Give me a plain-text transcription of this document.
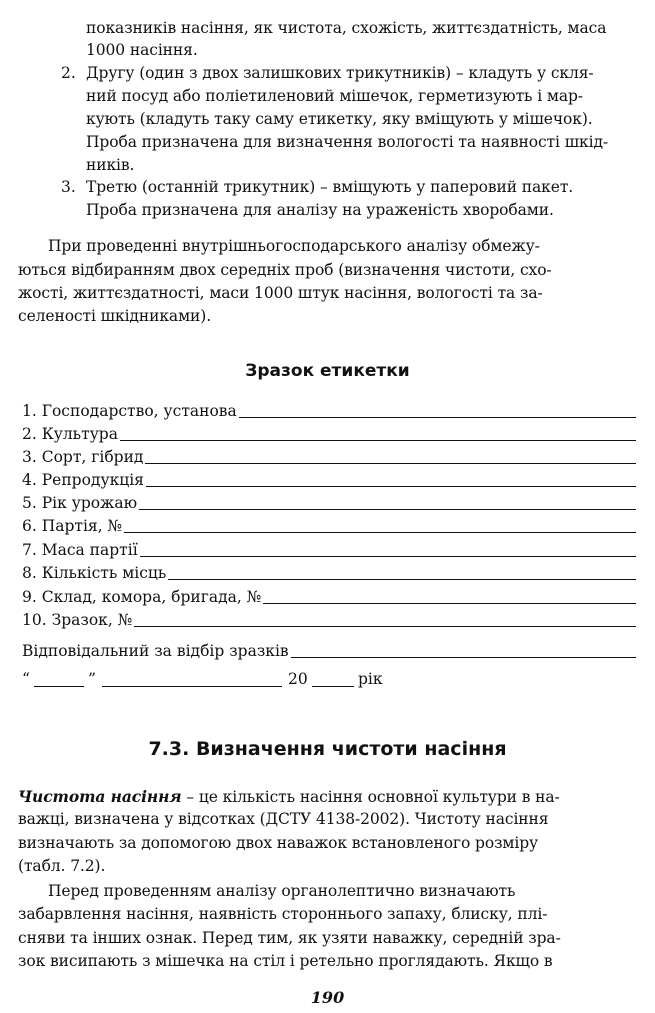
показників насіння, як чистота, схожість, життєздатність, маса
1000 насіння.
2. Другу (один з двох залишкових трикутників) – кладуть у скля-
ний посуд або поліетиленовий мішечок, герметизують і мар-
кують (кладуть таку саму етикетку, яку вміщують у мішечок).
Проба призначена для визначення вологості та наявності шкід-
ників.
3. Третю (останній трикутник) – вміщують у паперовий пакет.
Проба призначена для аналізу на ураженість хворобами.
При проведенні внутрішньогосподарського аналізу обмежу-
ються відбиранням двох середніх проб (визначення чистоти, схо-
жості, життєздатності, маси 1000 штук насіння, вологості та за-
селеності шкідниками).
Зразок етикетки
1. Господарство, установа
2. Культура
3. Сорт, гібрид
4. Репродукція
5. Рік урожаю
6. Партія, №
7. Маса партії
8. Кількість місць
9. Склад, комора, бригада, №
10. Зразок, №
Відповідальний за відбір зразків
“	”	20	рік
7.3. Визначення чистоти насіння
Чистота насіння – це кількість насіння основної культури в на-
важці, визначена у відсотках (ДСТУ 4138-2002). Чистоту насіння
визначають за допомогою двох наважок встановленого розміру
(табл. 7.2).
Перед проведенням аналізу органолептично визначають
забарвлення насіння, наявність стороннього запаху, блиску, плі-
сняви та інших ознак. Перед тим, як узяти наважку, середній зра-
зок висипають з мішечка на стіл і ретельно проглядають. Якщо в
190
